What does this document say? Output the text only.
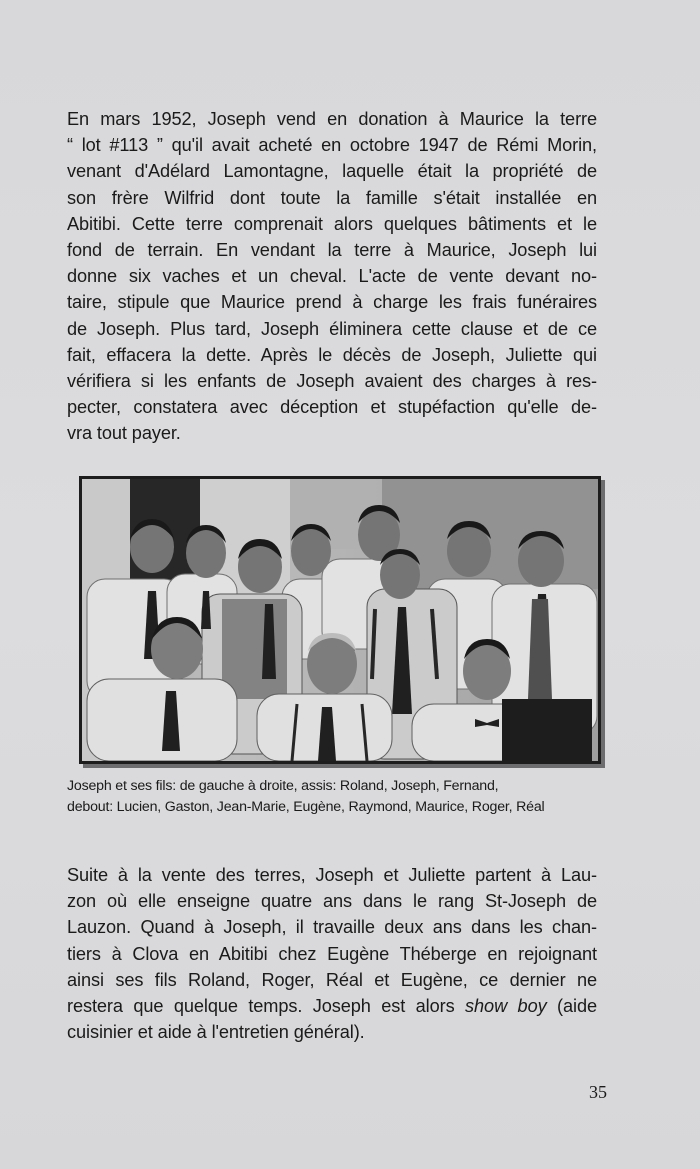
En mars 1952, Joseph vend en donation à Maurice la terre
“ lot #113 ” qu'il avait acheté en octobre 1947 de Rémi Morin,
venant d'Adélard Lamontagne, laquelle était la propriété de
son frère Wilfrid dont toute la famille s'était installée en
Abitibi. Cette terre comprenait alors quelques bâtiments et le
fond de terrain. En vendant la terre à Maurice, Joseph lui
donne six vaches et un cheval. L'acte de vente devant no-
taire, stipule que Maurice prend à charge les frais funéraires
de Joseph. Plus tard, Joseph éliminera cette clause et de ce
fait, effacera la dette. Après le décès de Joseph, Juliette qui
vérifiera si les enfants de Joseph avaient des charges à res-
pecter, constatera avec déception et stupéfaction qu'elle de-
vra tout payer.
Joseph et ses fils: de gauche à droite, assis: Roland, Joseph, Fernand,
debout: Lucien, Gaston, Jean-Marie, Eugène, Raymond, Maurice, Roger, Réal
Suite à la vente des terres, Joseph et Juliette partent à Lau-
zon où elle enseigne quatre ans dans le rang St-Joseph de
Lauzon. Quand à Joseph, il travaille deux ans dans les chan-
tiers à Clova en Abitibi chez Eugène Théberge en rejoignant
ainsi ses fils Roland, Roger, Réal et Eugène, ce dernier ne
restera que quelque temps. Joseph est alors show boy (aide
cuisinier et aide à l'entretien général).
35
